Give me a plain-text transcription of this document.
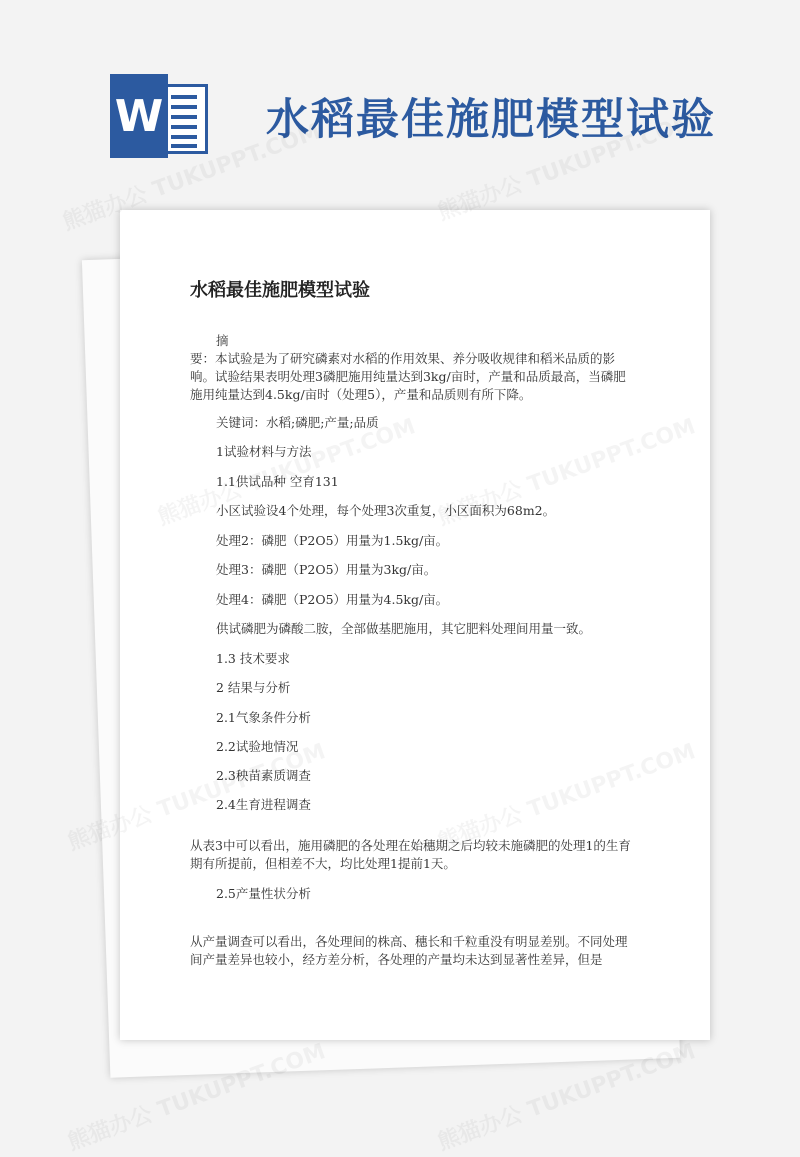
W 水稻最佳施肥模型试验
水稻最佳施肥模型试验

摘

要：本试验是为了研究磷素对水稻的作用效果、养分吸收规律和稻米品质的影响。试验结果表明处理3磷肥施用纯量达到3kg/亩时，产量和品质最高，当磷肥施用纯量达到4.5kg/亩时（处理5），产量和品质则有所下降。

关键词：水稻;磷肥;产量;品质

1试验材料与方法

1.1供试品种 空育131

小区试验设4个处理，每个处理3次重复，小区面积为68m2。

处理2：磷肥（P2O5）用量为1.5kg/亩。

处理3：磷肥（P2O5）用量为3kg/亩。

处理4：磷肥（P2O5）用量为4.5kg/亩。

供试磷肥为磷酸二胺，全部做基肥施用，其它肥料处理间用量一致。

1.3 技术要求

2 结果与分析

2.1气象条件分析

2.2试验地情况

2.3秧苗素质调查

2.4生育进程调查

从表3中可以看出，施用磷肥的各处理在始穗期之后均较未施磷肥的处理1的生育期有所提前，但相差不大，均比处理1提前1天。

2.5产量性状分析

从产量调查可以看出，各处理间的株高、穗长和千粒重没有明显差别。不同处理间产量差异也较小，经方差分析，各处理的产量均未达到显著性差异，但是
